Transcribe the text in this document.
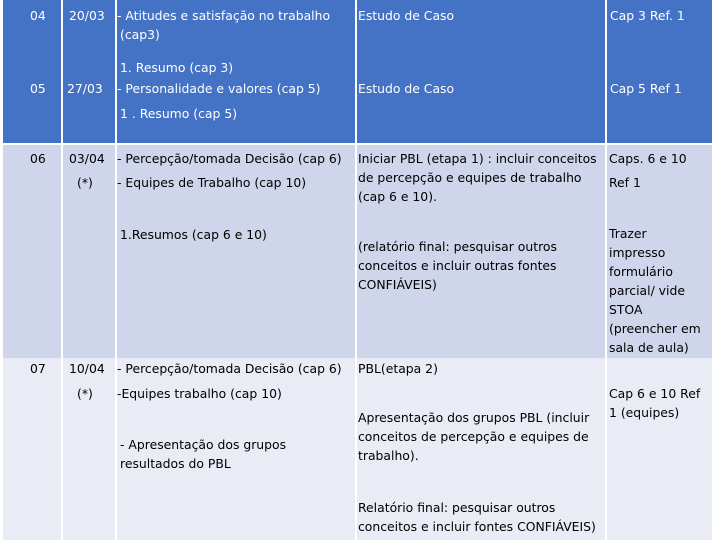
04 20/03 - Atitudes e satisfação no trabalho
(cap3)
1. Resumo (cap 3)
Estudo de Caso	Cap 3 Ref. 1
05 27/03 - Personalidade e valores (cap 5)
1 . Resumo (cap 5)
Estudo de Caso	Cap 5 Ref 1
06 03/04
(*)
- Percepção/tomada Decisão (cap 6)
- Equipes de Trabalho (cap 10)
1.Resumos (cap 6 e 10)
Iniciar PBL (etapa 1) : incluir conceitos
de percepção e equipes de trabalho
(cap 6 e 10).
(relatório final: pesquisar outros
conceitos e incluir outras fontes
CONFIÁVEIS)
Caps. 6 e 10
Ref 1
Trazer
impresso
formulário
parcial/ vide
STOA
(preencher em
sala de aula)
07 10/04
(*)
- Percepção/tomada Decisão (cap 6)
-Equipes trabalho (cap 10)
- Apresentação dos grupos
resultados do PBL
PBL(etapa 2)
Apresentação dos grupos PBL (incluir
conceitos de percepção e equipes de
trabalho).
Relatório final: pesquisar outros
conceitos e incluir fontes CONFIÁVEIS)
Cap 6 e 10 Ref
1 (equipes)
